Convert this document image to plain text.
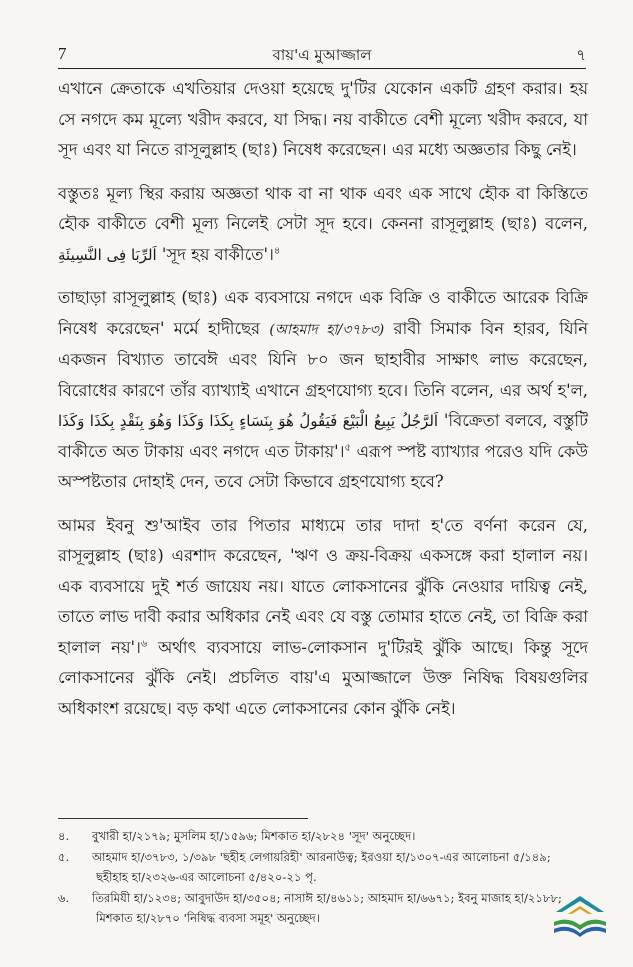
7	বায়'এ মুআজ্জাল	৭

এখানে ক্রেতাকে এখতিয়ার দেওয়া হয়েছে দু'টির যেকোন একটি গ্রহণ করার। হয় সে নগদে কম মূল্যে খরীদ করবে, যা সিদ্ধ। নয় বাকীতে বেশী মূল্যে খরীদ করবে, যা সূদ এবং যা নিতে রাসূলুল্লাহ (ছাঃ) নিষেধ করেছেন। এর মধ্যে অজ্ঞতার কিছু নেই।

বস্তুতঃ মূল্য স্থির করায় অজ্ঞতা থাক বা না থাক এবং এক সাথে হৌক বা কিস্তিতে হৌক বাকীতে বেশী মূল্য নিলেই সেটা সূদ হবে। কেননা রাসূলুল্লাহ (ছাঃ) বলেন, اَلرِّبَا فِى النَّسِيئَةِ 'সূদ হয় বাকীতে'।$^৪$

তাছাড়া রাসূলুল্লাহ (ছাঃ) এক ব্যবসায়ে নগদে এক বিক্রি ও বাকীতে আরেক বিক্রি নিষেধ করেছেন' মর্মে হাদীছের (আহমাদ হা/৩৭৮৩) রাবী সিমাক বিন হারব, যিনি একজন বিখ্যাত তাবেঈ এবং যিনি ৮০ জন ছাহাবীর সাক্ষাৎ লাভ করেছেন, বিরোধের কারণে তাঁর ব্যাখ্যাই এখানে গ্রহণযোগ্য হবে। তিনি বলেন, এর অর্থ হ'ল, اَلرَّجُلُ يَبِيعُ الْبَيْعَ فَيَقُولُ هُوَ بِنَسَاءٍ بِكَذَا وَكَذَا وَهُوَ بِنَقْدٍ بِكَذَا وَكَذَا 'বিক্রেতা বলবে, বস্তুটি বাকীতে অত টাকায় এবং নগদে এত টাকায়'।$^৫$ এরূপ স্পষ্ট ব্যাখ্যার পরেও যদি কেউ অস্পষ্টতার দোহাই দেন, তবে সেটা কিভাবে গ্রহণযোগ্য হবে?

আমর ইবনু শু'আইব তার পিতার মাধ্যমে তার দাদা হ'তে বর্ণনা করেন যে, রাসূলুল্লাহ (ছাঃ) এরশাদ করেছেন, 'ঋণ ও ক্রয়-বিক্রয় একসঙ্গে করা হালাল নয়। এক ব্যবসায়ে দুই শর্ত জায়েয নয়। যাতে লোকসানের ঝুঁকি নেওয়ার দায়িত্ব নেই, তাতে লাভ দাবী করার অধিকার নেই এবং যে বস্তু তোমার হাতে নেই, তা বিক্রি করা হালাল নয়'।$^৬$ অর্থাৎ ব্যবসায়ে লাভ-লোকসান দু'টিরই ঝুঁকি আছে। কিন্তু সূদে লোকসানের ঝুঁকি নেই। প্রচলিত বায়'এ মুআজ্জালে উক্ত নিষিদ্ধ বিষয়গুলির অধিকাংশ রয়েছে। বড় কথা এতে লোকসানের কোন ঝুঁকি নেই।

৪. বুখারী হা/২১৭৯; মুসলিম হা/১৫৯৬; মিশকাত হা/২৮২৪ 'সূদ' অনুচ্ছেদ।

৫. আহমাদ হা/৩৭৮৩, ১/৩৯৮ 'ছহীহ লেগায়রিহী' আরনাউত্ব; ইরওয়া হা/১৩০৭-এর আলোচনা ৫/১৪৯; ছহীহাহ হা/২৩২৬-এর আলোচনা ৫/৪২০-২১ পৃ.

৬. তিরমিযী হা/১২৩৪; আবুদাউদ হা/৩৫০৪; নাসাঈ হা/৪৬১১; আহমাদ হা/৬৬৭১; ইবনু মাজাহ হা/২১৮৮; মিশকাত হা/২৮৭০ 'নিষিদ্ধ ব্যবসা সমূহ' অনুচ্ছেদ।
